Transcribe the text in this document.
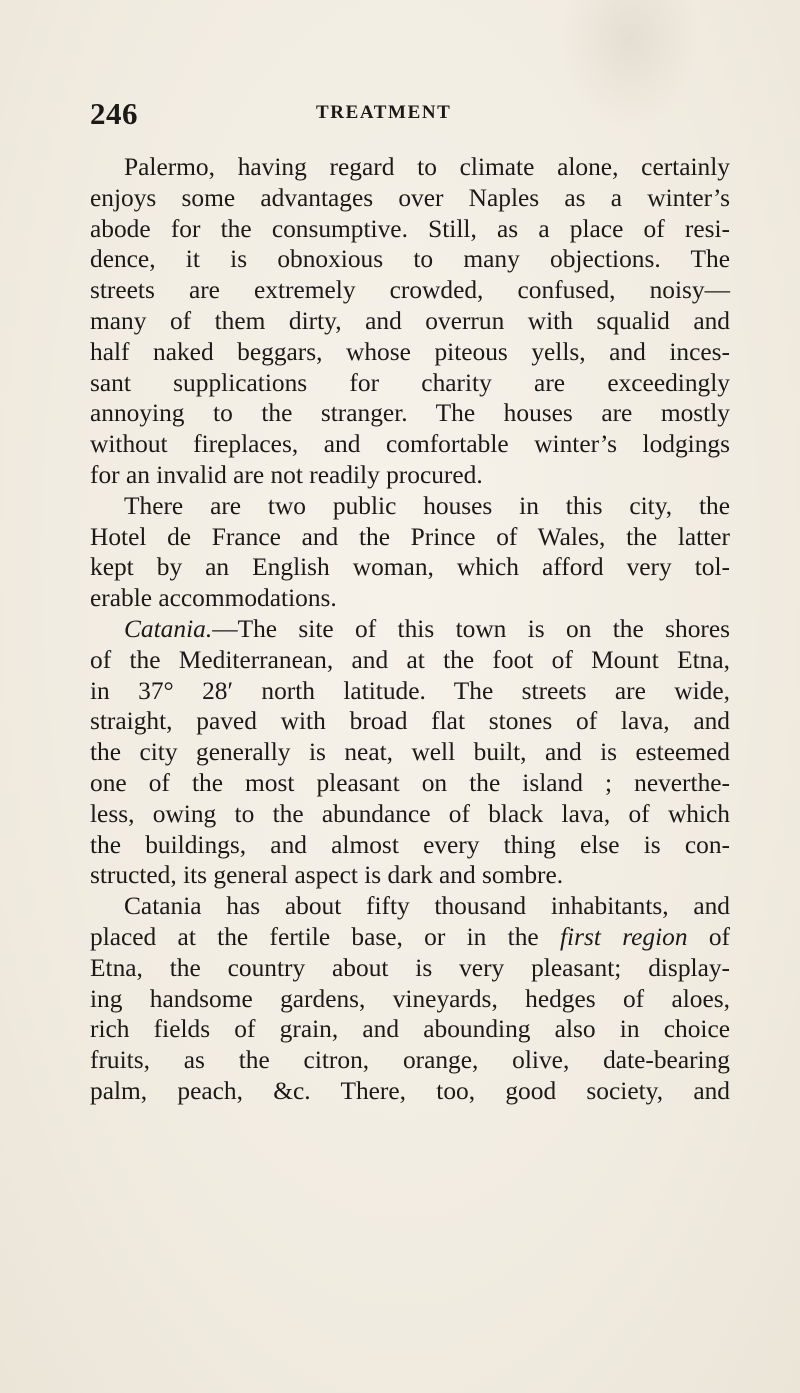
246	TREATMENT
Palermo, having regard to climate alone, certainly
enjoys some advantages over Naples as a winter’s
abode for the consumptive. Still, as a place of resi-
dence, it is obnoxious to many objections. The
streets are extremely crowded, confused, noisy—
many of them dirty, and overrun with squalid and
half naked beggars, whose piteous yells, and inces-
sant supplications for charity are exceedingly
annoying to the stranger. The houses are mostly
without fireplaces, and comfortable winter’s lodgings
for an invalid are not readily procured.
There are two public houses in this city, the
Hotel de France and the Prince of Wales, the latter
kept by an English woman, which afford very tol-
erable accommodations.
Catania.—The site of this town is on the shores
of the Mediterranean, and at the foot of Mount Etna,
in 37° 28′ north latitude. The streets are wide,
straight, paved with broad flat stones of lava, and
the city generally is neat, well built, and is esteemed
one of the most pleasant on the island ; neverthe-
less, owing to the abundance of black lava, of which
the buildings, and almost every thing else is con-
structed, its general aspect is dark and sombre.
Catania has about fifty thousand inhabitants, and
placed at the fertile base, or in the first region of
Etna, the country about is very pleasant; display-
ing handsome gardens, vineyards, hedges of aloes,
rich fields of grain, and abounding also in choice
fruits, as the citron, orange, olive, date-bearing
palm, peach, &c. There, too, good society, and
